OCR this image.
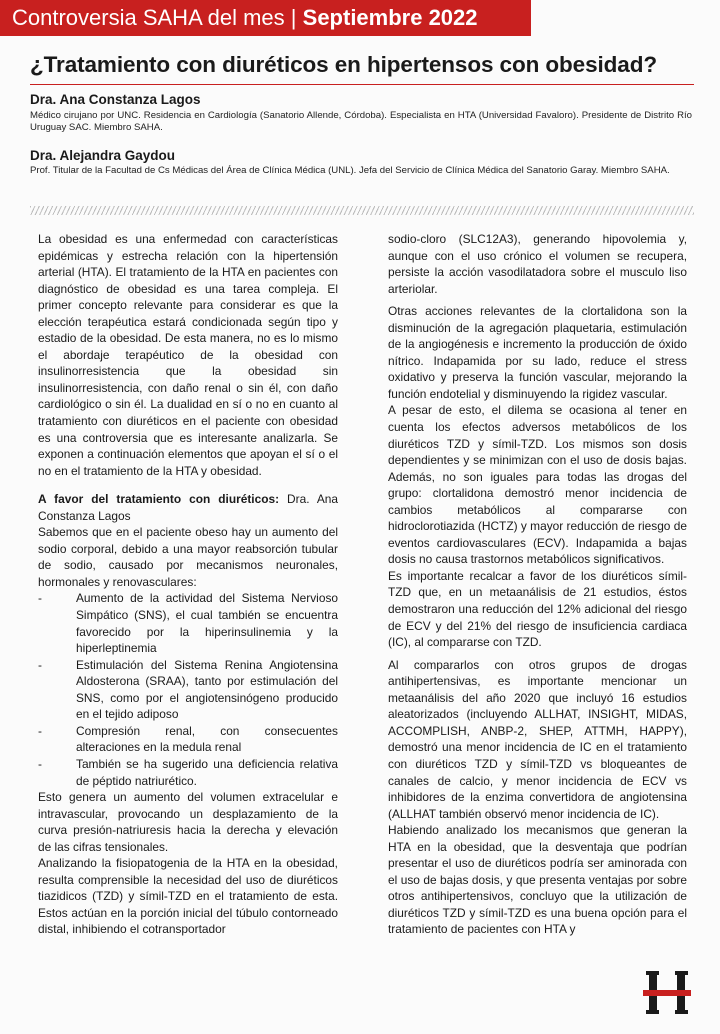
Controversia SAHA del mes | Septiembre 2022
¿Tratamiento con diuréticos en hipertensos con obesidad?
Dra. Ana Constanza Lagos
Médico cirujano por UNC. Residencia en Cardiología (Sanatorio Allende, Córdoba). Especialista en HTA (Universidad Favaloro). Presidente de Distrito Río Uruguay SAC. Miembro SAHA.
Dra. Alejandra Gaydou
Prof. Titular de la Facultad de Cs Médicas del Área de Clínica Médica (UNL). Jefa del Servicio de Clínica Médica del Sanatorio Garay. Miembro SAHA.

La obesidad es una enfermedad con características epidémicas y estrecha relación con la hipertensión arterial (HTA). El tratamiento de la HTA en pacientes con diagnóstico de obesidad es una tarea compleja. El primer concepto relevante para considerar es que la elección terapéutica estará condicionada según tipo y estadio de la obesidad. De esta manera, no es lo mismo el abordaje terapéutico de la obesidad con insulinorresistencia que la obesidad sin insulinorresistencia, con daño renal o sin él, con daño cardiológico o sin él. La dualidad en sí o no en cuanto al tratamiento con diuréticos en el paciente con obesidad es una controversia que es interesante analizarla. Se exponen a continuación elementos que apoyan el sí o el no en el tratamiento de la HTA y obesidad.

A favor del tratamiento con diuréticos: Dra. Ana Constanza Lagos

Sabemos que en el paciente obeso hay un aumento del sodio corporal, debido a una mayor reabsorción tubular de sodio, causado por mecanismos neuronales, hormonales y renovasculares:

-	Aumento de la actividad del Sistema Nervioso Simpático (SNS), el cual también se encuentra favorecido por la hiperinsulinemia y la hiperleptinemia
-	Estimulación del Sistema Renina Angiotensina Aldosterona (SRAA), tanto por estimulación del SNS, como por el angiotensinógeno producido en el tejido adiposo
-	Compresión renal, con consecuentes alteraciones en la medula renal
-	También se ha sugerido una deficiencia relativa de péptido natriurético.

Esto genera un aumento del volumen extracelular e intravascular, provocando un desplazamiento de la curva presión-natriuresis hacia la derecha y elevación de las cifras tensionales.

Analizando la fisiopatogenia de la HTA en la obesidad, resulta comprensible la necesidad del uso de diuréticos tiazidicos (TZD) y símil-TZD en el tratamiento de esta. Estos actúan en la porción inicial del túbulo contorneado distal, inhibiendo el cotransportador

sodio-cloro (SLC12A3), generando hipovolemia y, aunque con el uso crónico el volumen se recupera, persiste la acción vasodilatadora sobre el musculo liso arteriolar.

Otras acciones relevantes de la clortalidona son la disminución de la agregación plaquetaria, estimulación de la angiogénesis e incremento la producción de óxido nítrico. Indapamida por su lado, reduce el stress oxidativo y preserva la función vascular, mejorando la función endotelial y disminuyendo la rigidez vascular.

A pesar de esto, el dilema se ocasiona al tener en cuenta los efectos adversos metabólicos de los diuréticos TZD y símil-TZD. Los mismos son dosis dependientes y se minimizan con el uso de dosis bajas. Además, no son iguales para todas las drogas del grupo: clortalidona demostró menor incidencia de cambios metabólicos al compararse con hidroclorotiazida (HCTZ) y mayor reducción de riesgo de eventos cardiovasculares (ECV). Indapamida a bajas dosis no causa trastornos metabólicos significativos.

Es importante recalcar a favor de los diuréticos símil-TZD que, en un metaanálisis de 21 estudios, éstos demostraron una reducción del 12% adicional del riesgo de ECV y del 21% del riesgo de insuficiencia cardiaca (IC), al compararse con TZD.

Al compararlos con otros grupos de drogas antihipertensivas, es importante mencionar un metaanálisis del año 2020 que incluyó 16 estudios aleatorizados (incluyendo ALLHAT, INSIGHT, MIDAS, ACCOMPLISH, ANBP-2, SHEP, ATTMH, HAPPY), demostró una menor incidencia de IC en el tratamiento con diuréticos TZD y símil-TZD vs bloqueantes de canales de calcio, y menor incidencia de ECV vs inhibidores de la enzima convertidora de angiotensina (ALLHAT también observó menor incidencia de IC).

Habiendo analizado los mecanismos que generan la HTA en la obesidad, que la desventaja que podrían presentar el uso de diuréticos podría ser aminorada con el uso de bajas dosis, y que presenta ventajas por sobre otros antihipertensivos, concluyo que la utilización de diuréticos TZD y símil-TZD es una buena opción para el tratamiento de pacientes con HTA y
